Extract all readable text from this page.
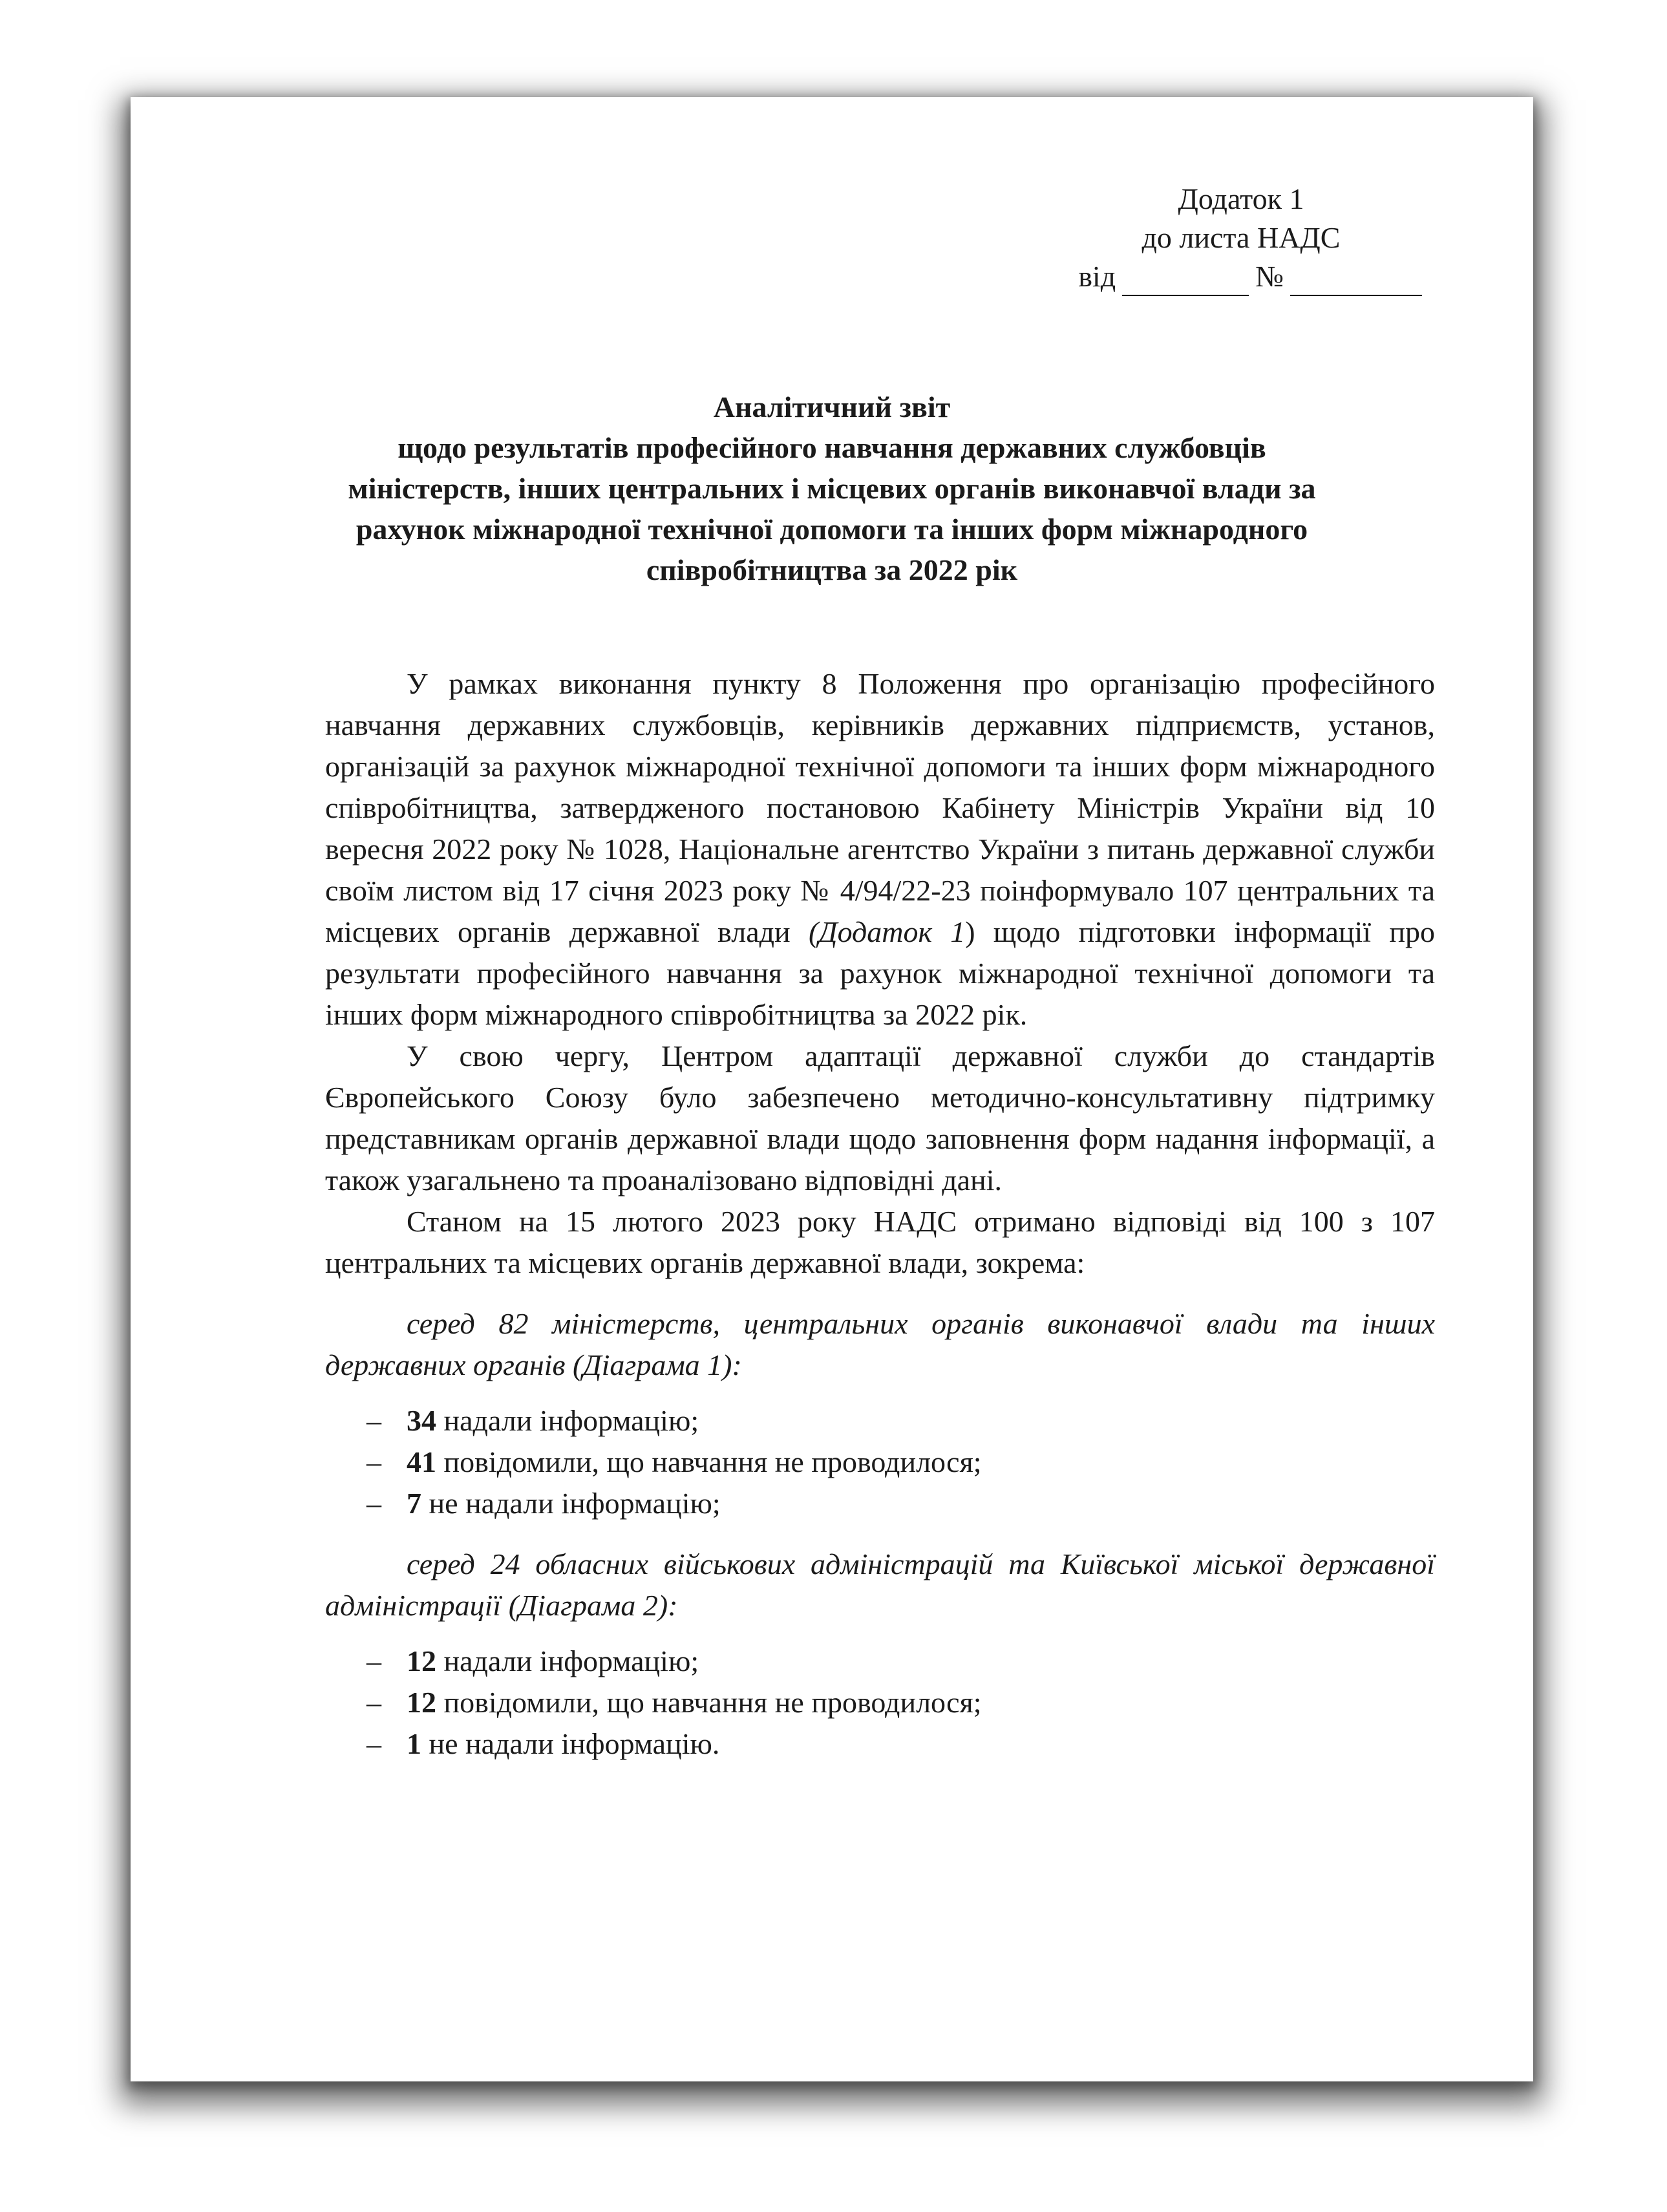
Додаток 1
до листа НАДС
від	№
Аналітичний звіт
щодо результатів професійного навчання державних службовців
міністерств, інших центральних і місцевих органів виконавчої влади за
рахунок міжнародної технічної допомоги та інших форм міжнародного
співробітництва за 2022 рік

У рамках виконання пункту 8 Положення про організацію професійного навчання державних службовців, керівників державних підприємств, установ, організацій за рахунок міжнародної технічної допомоги та інших форм міжнародного співробітництва, затвердженого постановою Кабінету Міністрів України від 10 вересня 2022 року № 1028, Національне агентство України з питань державної служби своїм листом від 17 січня 2023 року № 4/94/22-23 поінформувало 107 центральних та місцевих органів державної влади (Додаток 1) щодо підготовки інформації про результати професійного навчання за рахунок міжнародної технічної допомоги та інших форм міжнародного співробітництва за 2022 рік.

У свою чергу, Центром адаптації державної служби до стандартів Європейського Союзу було забезпечено методично-консультативну підтримку представникам органів державної влади щодо заповнення форм надання інформації, а також узагальнено та проаналізовано відповідні дані.

Станом на 15 лютого 2023 року НАДС отримано відповіді від 100 з 107 центральних та місцевих органів державної влади, зокрема:

серед 82 міністерств, центральних органів виконавчої влади та інших державних органів (Діаграма 1):

– 34 надали інформацію;
– 41 повідомили, що навчання не проводилося;
– 7 не надали інформацію;

серед 24 обласних військових адміністрацій та Київської міської державної адміністрації (Діаграма 2):

– 12 надали інформацію;
– 12 повідомили, що навчання не проводилося;
– 1 не надали інформацію.
